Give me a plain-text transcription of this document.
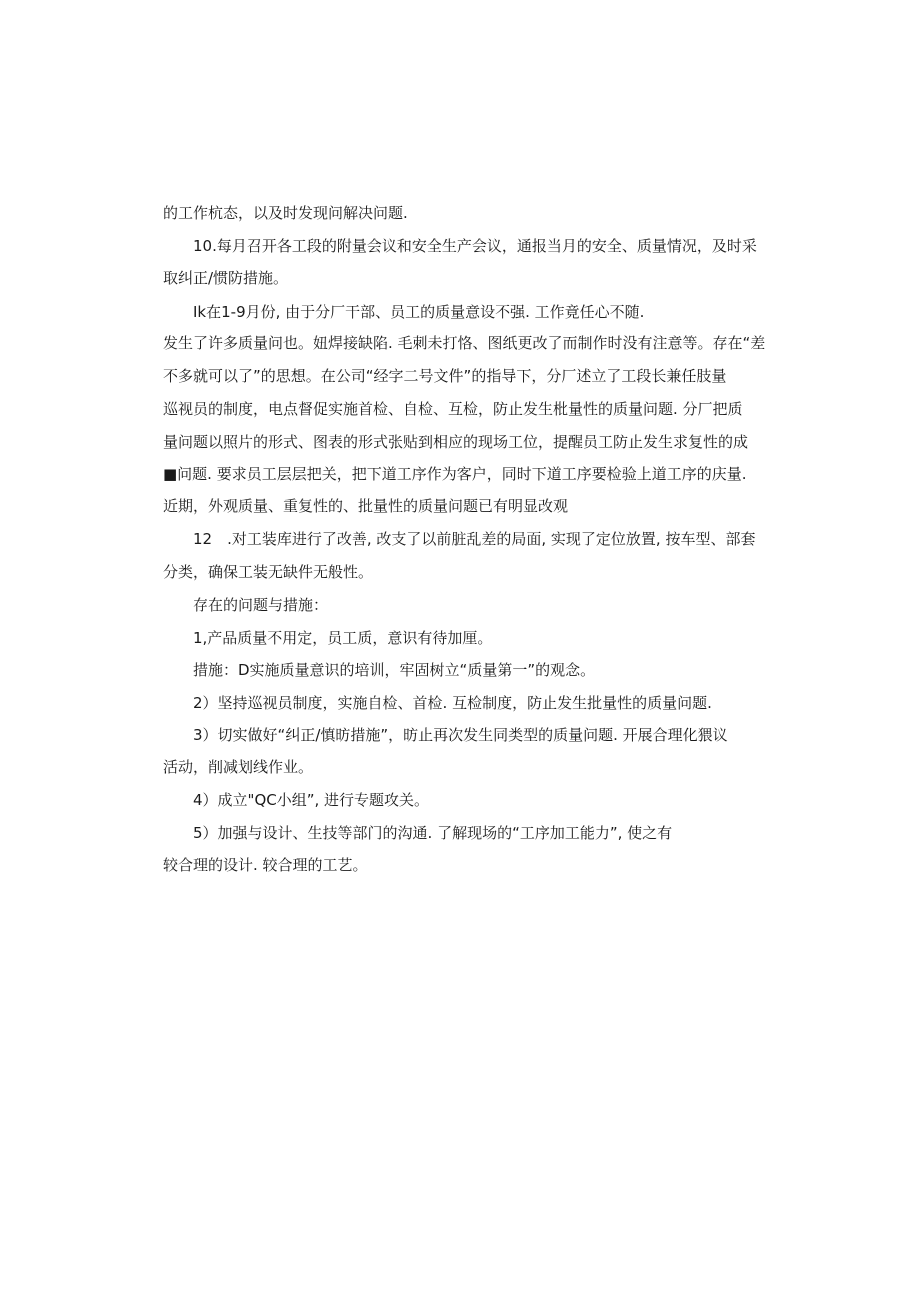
的工作杭态，以及时发现问解决问题.
10.每月召开各工段的附量会议和安全生产会议，通报当月的安全、质量情况，及时采
取纠正/惯防措施。
Ik在1-9月份, 由于分厂干部、员工的质量意设不强. 工作竟任心不随.
发生了许多质量问也。妞焊接缺陷. 毛刺未打恪、图纸更改了而制作时没有注意等。存在“差
不多就可以了”的思想。在公司“经字二号文件”的指导下，分厂述立了工段长兼任肢量
巡视员的制度，电点督促实施首检、自检、互检，防止发生枇量性的质量问题. 分厂把质
量问题以照片的形式、图表的形式张贴到相应的现场工位，提醒员工防止发生求复性的成
■问题. 要求员工层层把关，把下道工序作为客户，同时下道工序要检验上道工序的庆量.
近期，外观质量、重复性的、批量性的质量问题已有明显改观
12　.对工装库进行了改善, 改支了以前脏乱差的局面, 实现了定位放置, 按车型、部套
分类，确保工装无缺件无般性。
存在的问题与措施：
1,产品质量不用定，员工质，意识有待加厘。
措施：D实施质量意识的培训，牢固树立“质量第一”的观念。
2）坚持巡视员制度，实施自检、首检. 互检制度，防止发生批量性的质量问题.
3）切实做好“纠正/慎昉措施”，昉止再次发生同类型的质量问题. 开展合理化猥议
活动，削减划线作业。
4）成立"QC小组”, 进行专题攻关。
5）加强与设计、生技等部门的沟通. 了解现场的“工序加工能力”, 使之有
较合理的设计. 较合理的工艺。
